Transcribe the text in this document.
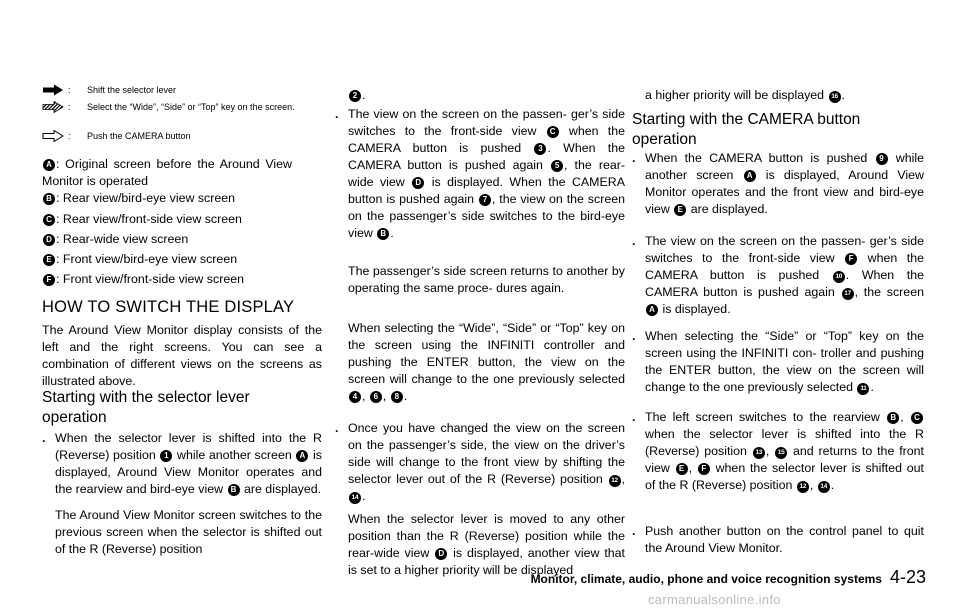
: Shift the selector lever
: Select the “Wide”, “Side” or “Top” key on the screen.
: Push the CAMERA button
A : Original screen before the Around View Monitor is operated
B : Rear view/bird-eye view screen
C : Rear view/front-side view screen
D : Rear-wide view screen
E : Front view/bird-eye view screen
F : Front view/front-side view screen
HOW TO SWITCH THE DISPLAY
The Around View Monitor display consists of the left and the right screens. You can see a combination of different views on the screens as illustrated above.
Starting with the selector lever operation
. When the selector lever is shifted into the R (Reverse) position 1 while another screen A is displayed, Around View Monitor operates and the rearview and bird-eye view B are displayed.
The Around View Monitor screen switches to the previous screen when the selector is shifted out of the R (Reverse) position
2 .
. The view on the screen on the passen- ger’s side switches to the front-side view C when the CAMERA button is pushed 3 . When the CAMERA button is pushed again 5 , the rear-wide view D is displayed. When the CAMERA button is pushed again 7 , the view on the screen on the passenger’s side switches to the bird-eye view B .
The passenger’s side screen returns to another by operating the same proce- dures again.
When selecting the “Wide”, “Side” or “Top” key on the screen using the INFINITI controller and pushing the ENTER button, the view on the screen will change to the one previously selected 4 , 6 , 8 .
. Once you have changed the view on the screen on the passenger’s side, the view on the driver’s side will change to the front view by shifting the selector lever out of the R (Reverse) position 12 , 14 .
When the selector lever is moved to any other position than the R (Reverse) position while the rear-wide view D is displayed, another view that is set to a higher priority will be displayed
a higher priority will be displayed 16 .
Starting with the CAMERA button operation
. When the CAMERA button is pushed 9 while another screen A is displayed, Around View Monitor operates and the front view and bird-eye view E are displayed.
. The view on the screen on the passen- ger’s side switches to the front-side view F when the CAMERA button is pushed	10 . When the CAMERA button is pushed again 17 , the screen A is displayed.
. When selecting the “Side” or “Top” key on the screen using the INFINITI con- troller and pushing the ENTER button, the view on the screen will change to the one previously selected 11 .
. The left screen switches to the rearview B , C when the selector lever is shifted into the R (Reverse) position 13 , 15 and returns to the front view E , F when the selector lever is shifted out of the R (Reverse) position 12 , 14 .
. Push another button on the control panel to quit the Around View Monitor.
Monitor, climate, audio, phone and voice recognition systems 4-23
carmanualsonline.info
